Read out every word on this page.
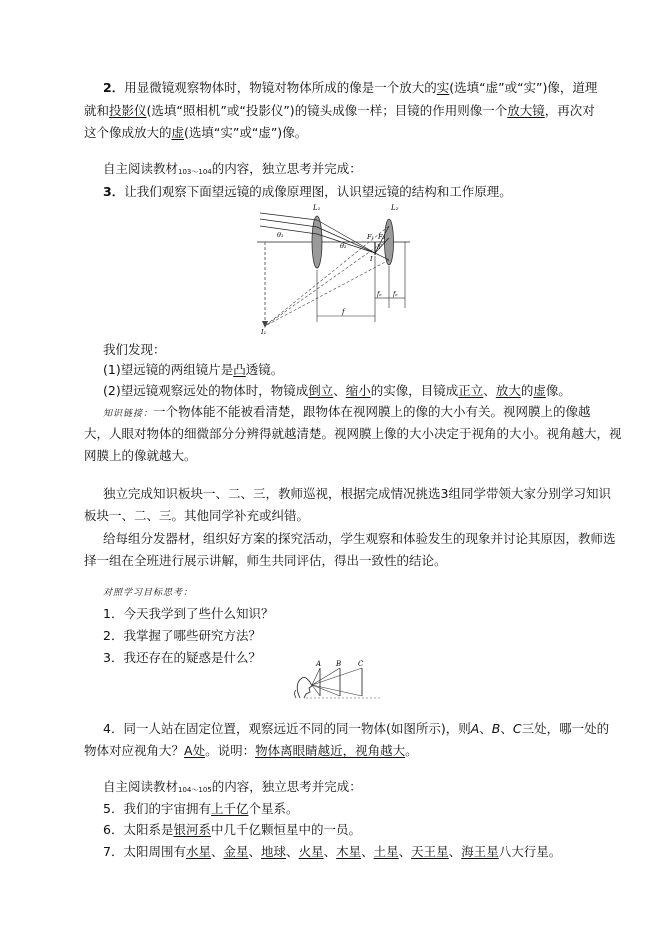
2．用显微镜观察物体时，物镜对物体所成的像是一个放大的实(选填“虚”或“实”)像，道理
就和投影仪(选填“照相机”或“投影仪”)的镜头成像一样；目镜的作用则像一个放大镜，再次对
这个像成放大的虚(选填“实”或“虚”)像。
自主阅读教材103～104的内容，独立思考并完成：
3．让我们观察下面望远镜的成像原理图，认识望远镜的结构和工作原理。
L₁	L₂
θ₁
θ₂
F₁ F₂
h'
I
I₁
f
fₑ fₑ
我们发现：
(1)望远镜的两组镜片是凸透镜。
(2)望远镜观察远处的物体时，物镜成倒立、缩小的实像，目镜成正立、放大的虚像。
知识链接：一个物体能不能被看清楚，跟物体在视网膜上的像的大小有关。视网膜上的像越
大，人眼对物体的细微部分分辨得就越清楚。视网膜上像的大小决定于视角的大小。视角越大，视
网膜上的像就越大。
独立完成知识板块一、二、三，教师巡视，根据完成情况挑选3组同学带领大家分别学习知识
板块一、二、三。其他同学补充或纠错。
给每组分发器材，组织好方案的探究活动，学生观察和体验发生的现象并讨论其原因，教师选
择一组在全班进行展示讲解，师生共同评估，得出一致性的结论。
对照学习目标思考：
1．今天我学到了些什么知识？
2．我掌握了哪些研究方法？
3．我还存在的疑惑是什么？	A B C
4．同一人站在固定位置，观察远近不同的同一物体(如图所示)，则A、B、C三处，哪一处的
物体对应视角大？A处。说明：物体离眼睛越近，视角越大。
自主阅读教材104～105的内容，独立思考并完成：
5．我们的宇宙拥有上千亿个星系。
6．太阳系是银河系中几千亿颗恒星中的一员。
7．太阳周围有水星、金星、地球、火星、木星、土星、天王星、海王星八大行星。
